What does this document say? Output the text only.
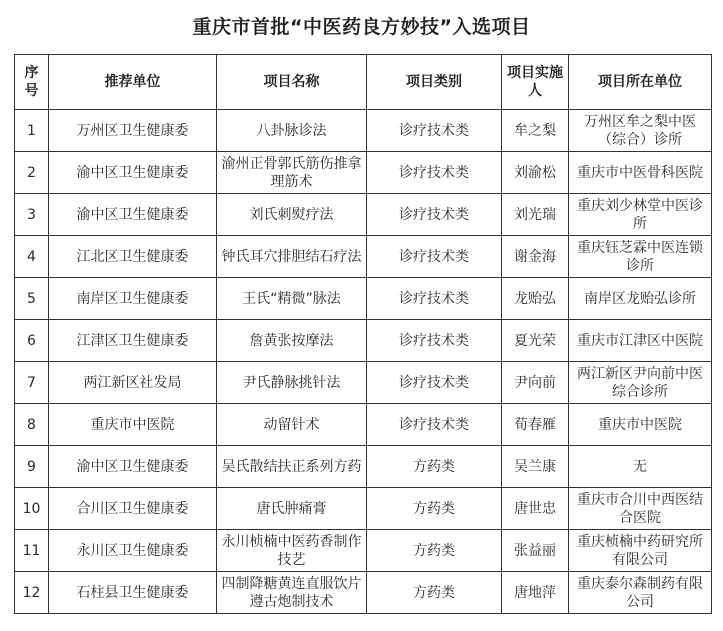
重庆市首批“中医药良方妙技”入选项目
序号	推荐单位	项目名称	项目类别	项目实施人	项目所在单位
1	万州区卫生健康委	八卦脉诊法	诊疗技术类	牟之梨	万州区牟之梨中医（综合）诊所
2	渝中区卫生健康委	渝州正骨郭氏筋伤推拿理筋术	诊疗技术类	刘渝松	重庆市中医骨科医院
3	渝中区卫生健康委	刘氏刺熨疗法	诊疗技术类	刘光瑞	重庆刘少林堂中医诊所
4	江北区卫生健康委	钟氏耳穴排胆结石疗法	诊疗技术类	谢金海	重庆钰芝霖中医连锁诊所
5	南岸区卫生健康委	王氏“精微”脉法	诊疗技术类	龙贻弘	南岸区龙贻弘诊所
6	江津区卫生健康委	詹黄张按摩法	诊疗技术类	夏光荣	重庆市江津区中医院
7	两江新区社发局	尹氏静脉挑针法	诊疗技术类	尹向前	两江新区尹向前中医综合诊所
8	重庆市中医院	动留针术	诊疗技术类	荀春雁	重庆市中医院
9	渝中区卫生健康委	吴氏散结扶正系列方药	方药类	吴兰康	无
10	合川区卫生健康委	唐氏肿痛膏	方药类	唐世忠	重庆市合川中西医结合医院
11	永川区卫生健康委	永川桢楠中医药香制作技艺	方药类	张益丽	重庆桢楠中药研究所有限公司
12	石柱县卫生健康委	四制降糖黄连直服饮片遵古炮制技术	方药类	唐地萍	重庆泰尔森制药有限公司
